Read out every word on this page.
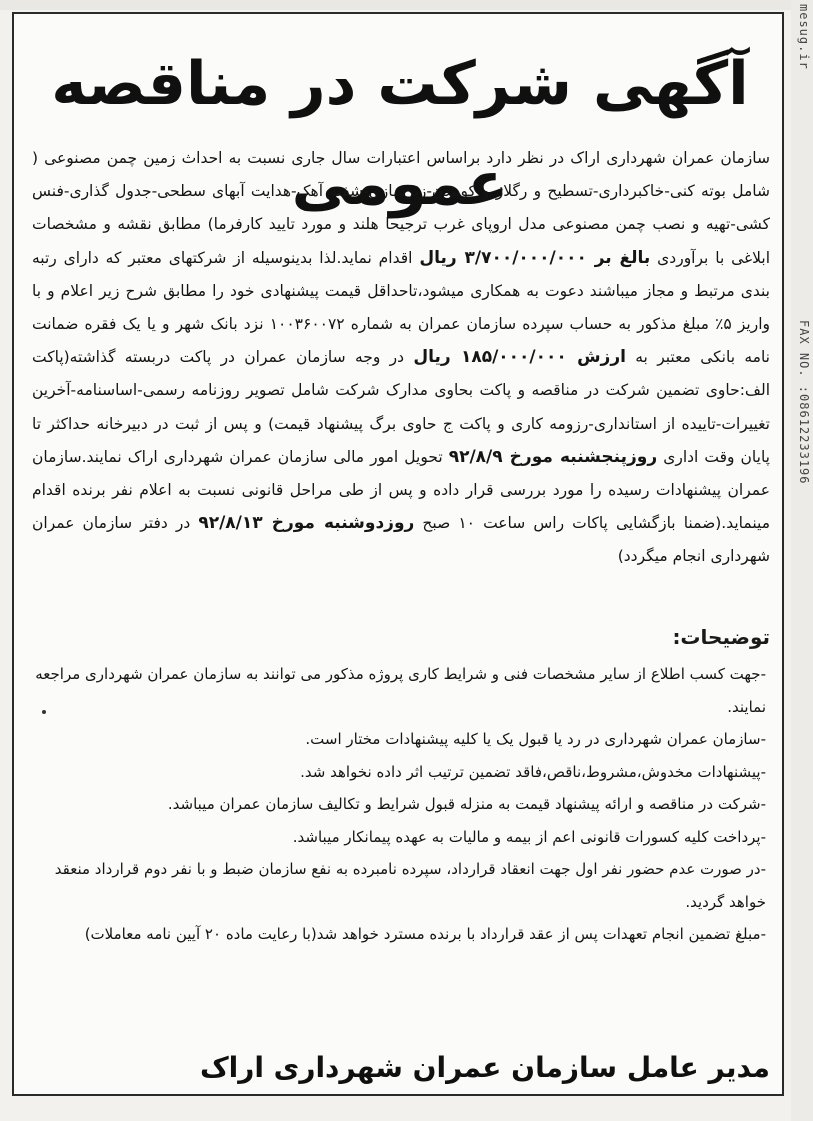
mesug.ir
FAX NO. :08612233196
آگهی شرکت در مناقصه عمومی
سازمان عمران شهرداری اراک در نظر دارد براساس اعتبارات سال جاری نسبت به احداث زمین چمن مصنوعی ( شامل بوته کنی-خاکبرداری-تسطیح و رگلاژ و کوبیدن-زیرسازی-شفته آهک-هدایت آبهای سطحی-جدول گذاری-فنس کشی-تهیه و نصب چمن مصنوعی مدل اروپای غرب ترجیحا هلند و مورد تایید کارفرما) مطابق نقشه و مشخصات ابلاغی با برآوردی بالغ بر ۳/۷۰۰/۰۰۰/۰۰۰ ریال اقدام نماید.لذا بدینوسیله از شرکتهای معتبر که دارای رتبه بندی مرتبط و مجاز میباشند دعوت به همکاری میشود،تاحداقل قیمت پیشنهادی خود را مطابق شرح زیر اعلام و با واریز ۵٪ مبلغ مذکور به حساب سپرده سازمان عمران به شماره ۱۰۰۳۶۰۰۷۲ نزد بانک شهر و یا یک فقره ضمانت نامه بانکی معتبر به ارزش ۱۸۵/۰۰۰/۰۰۰ ریال در وجه سازمان عمران در پاکت دربسته گذاشته(پاکت الف:حاوی تضمین شرکت در مناقصه و پاکت بحاوی مدارک شرکت شامل تصویر روزنامه رسمی-اساسنامه-آخرین تغییرات-تاییده از استانداری-رزومه کاری و پاکت ج حاوی برگ پیشنهاد قیمت) و پس از ثبت در دبیرخانه حداکثر تا پایان وقت اداری روزپنجشنبه مورخ ۹۲/۸/۹ تحویل امور مالی سازمان عمران شهرداری اراک نمایند.سازمان عمران پیشنهادات رسیده را مورد بررسی قرار داده و پس از طی مراحل قانونی نسبت به اعلام نفر برنده اقدام مینماید.(ضمنا بازگشایی پاکات راس ساعت ۱۰ صبح روزدوشنبه مورخ ۹۲/۸/۱۳ در دفتر سازمان عمران شهرداری انجام میگردد)
توضیحات:
-جهت کسب اطلاع از سایر مشخصات فنی و شرایط کاری پروژه مذکور می توانند به سازمان عمران شهرداری مراجعه نمایند.
-سازمان عمران شهرداری در رد یا قبول یک یا کلیه پیشنهادات مختار است.
-پیشنهادات مخدوش،مشروط،ناقص،فاقد تضمین ترتیب اثر داده نخواهد شد.
-شرکت در مناقصه و ارائه پیشنهاد قیمت به منزله قبول شرایط و تکالیف سازمان عمران میباشد.
-پرداخت کلیه کسورات قانونی اعم از بیمه و مالیات به عهده پیمانکار میباشد.
-در صورت عدم حضور نفر اول جهت انعقاد قرارداد، سپرده نامبرده به نفع سازمان ضبط و با نفر دوم قرارداد منعقد خواهد گردید.
-مبلغ تضمین انجام تعهدات پس از عقد قرارداد با برنده مسترد خواهد شد(با رعایت ماده ۲۰ آیین نامه معاملات)
مدیر عامل سازمان عمران شهرداری اراک
